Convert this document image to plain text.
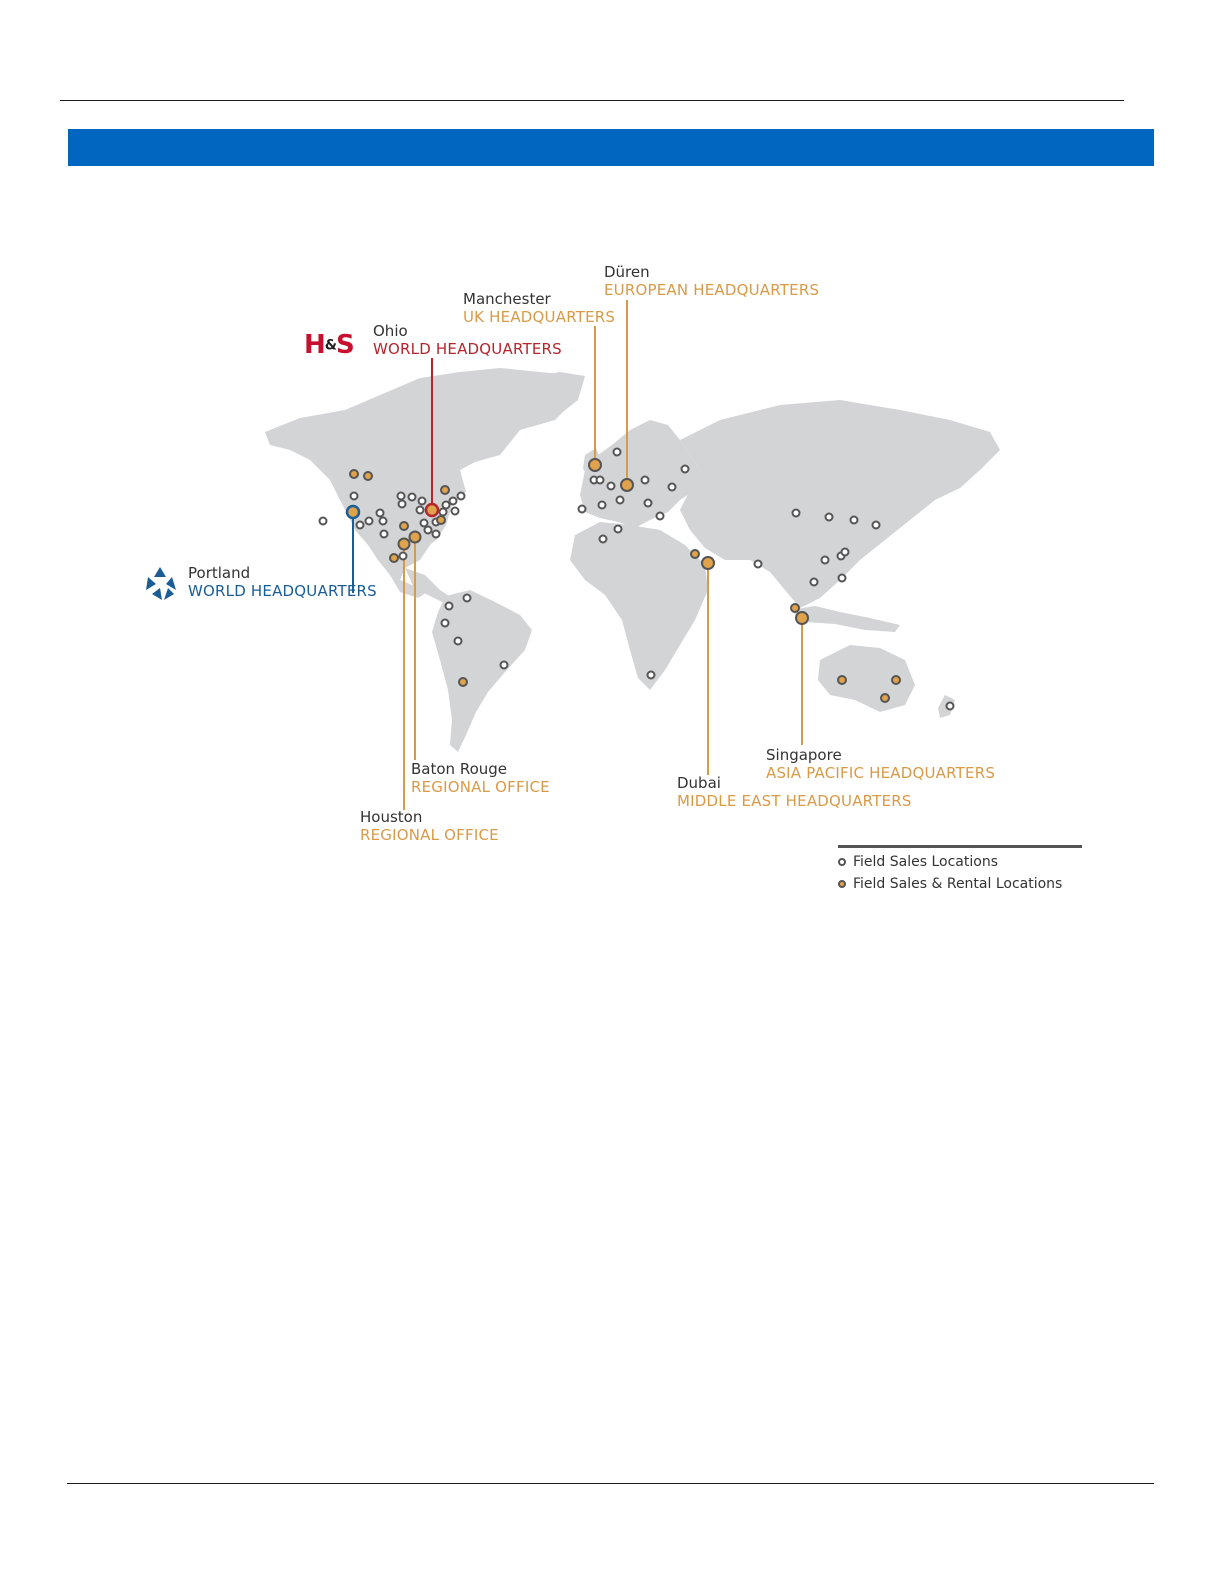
H&S Ohio
WORLD HEADQUARTERS
Manchester
UK HEADQUARTERS
Düren
EUROPEAN HEADQUARTERS
Portland
WORLD HEADQUARTERS
Baton Rouge
REGIONAL OFFICE
Houston
REGIONAL OFFICE
Dubai
MIDDLE EAST HEADQUARTERS
Singapore
ASIA PACIFIC HEADQUARTERS
Field Sales Locations
Field Sales & Rental Locations
